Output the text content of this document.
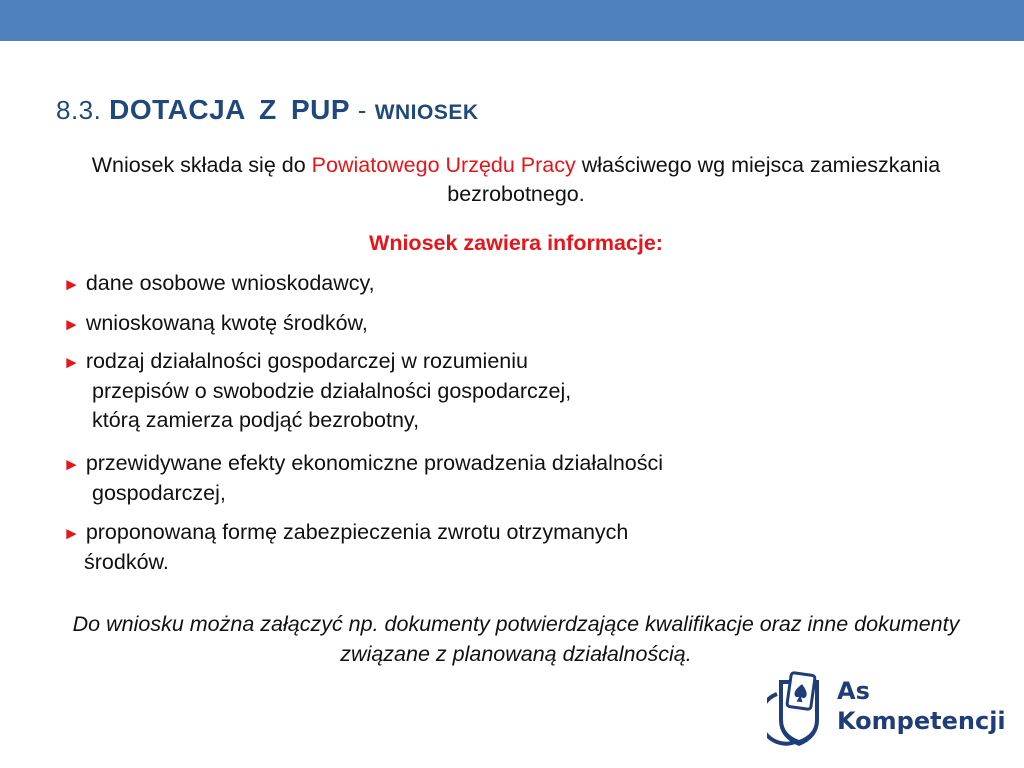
8.3. DOTACJA Z PUP - WNIOSEK
Wniosek składa się do Powiatowego Urzędu Pracy właściwego wg miejsca zamieszkania bezrobotnego.
Wniosek zawiera informacje:
► dane osobowe wnioskodawcy,
► wnioskowaną kwotę środków,
► rodzaj działalności gospodarczej w rozumieniu
przepisów o swobodzie działalności gospodarczej,
którą zamierza podjąć bezrobotny,
► przewidywane efekty ekonomiczne prowadzenia działalności
gospodarczej,
► proponowaną formę zabezpieczenia zwrotu otrzymanych
środków.
Do wniosku można załączyć np. dokumenty potwierdzające kwalifikacje oraz inne dokumenty związane z planowaną działalnością.
As
Kompetencji
